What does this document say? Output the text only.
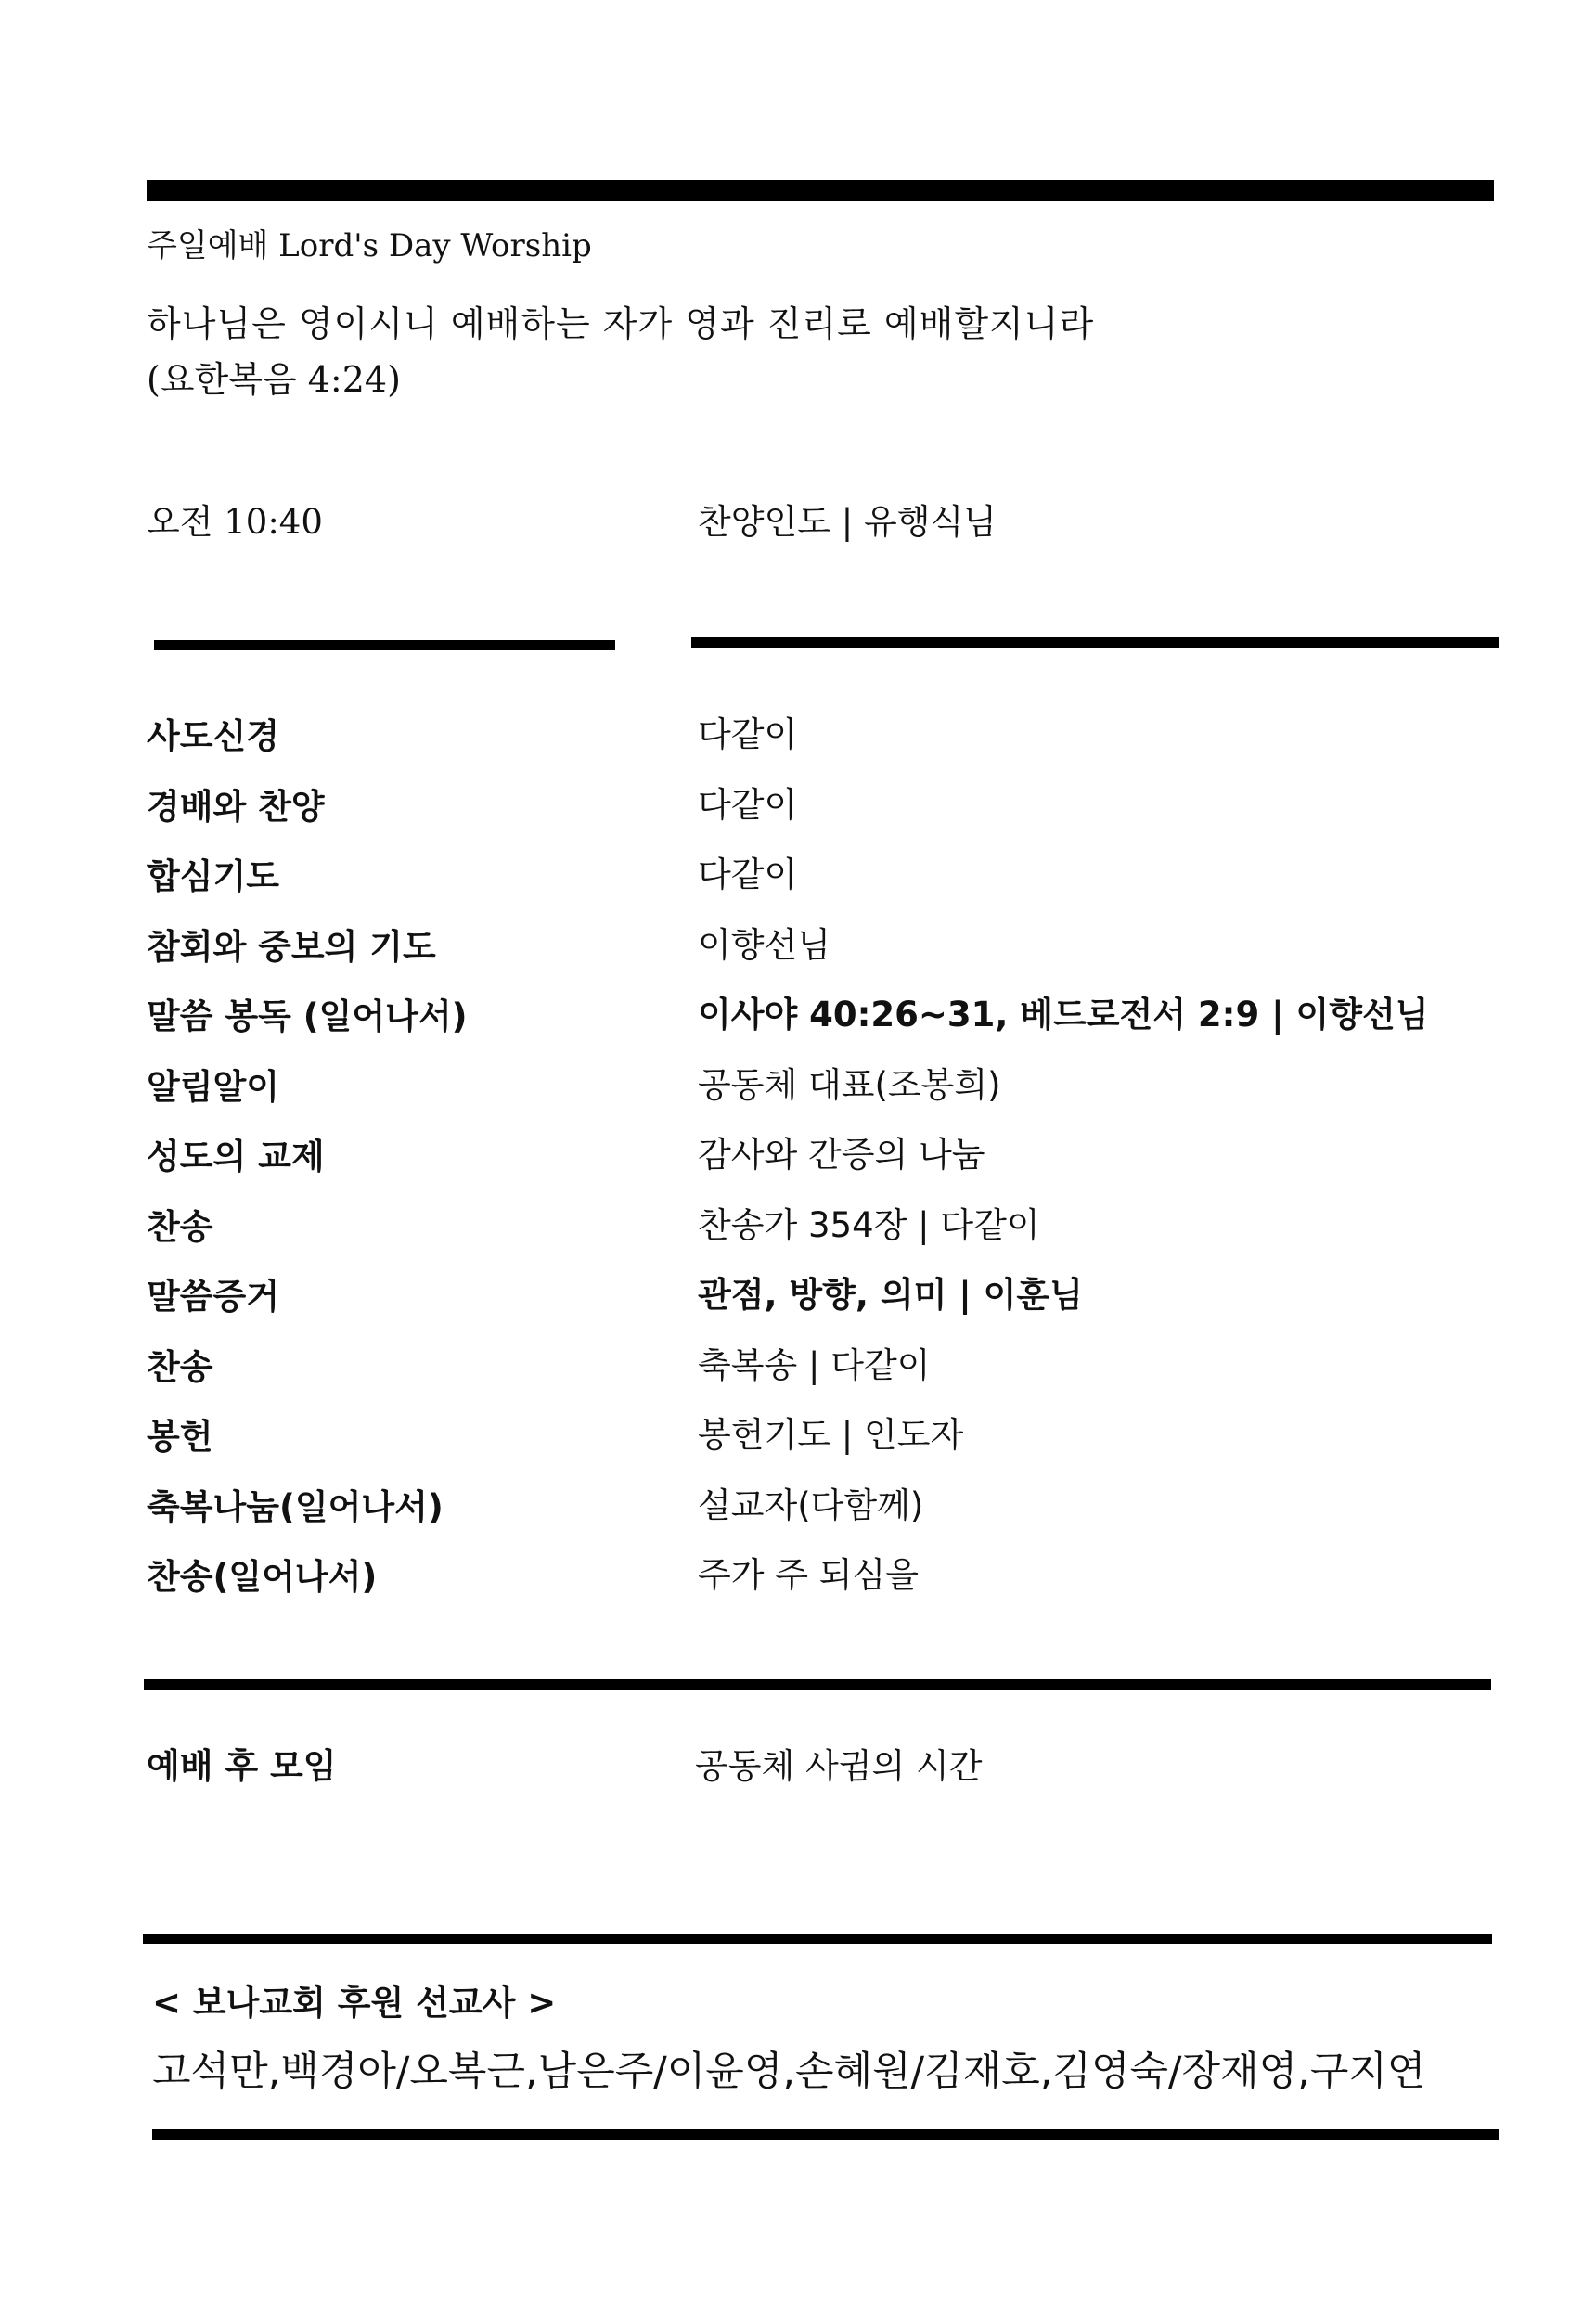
주일예배 Lord's Day Worship
하나님은 영이시니 예배하는 자가 영과 진리로 예배할지니라
(요한복음 4:24)
오전 10:40	찬양인도 | 유행식님
사도신경	다같이
경배와 찬양	다같이
합심기도	다같이
참회와 중보의 기도	이향선님
말씀 봉독 (일어나서)	이사야 40:26~31, 베드로전서 2:9 | 이향선님
알림알이	공동체 대표(조봉희)
성도의 교제	감사와 간증의 나눔
찬송	찬송가 354장 | 다같이
말씀증거	관점, 방향, 의미 | 이훈님
찬송	축복송 | 다같이
봉헌	봉헌기도 | 인도자
축복나눔(일어나서)	설교자(다함께)
찬송(일어나서)	주가 주 되심을
예배 후 모임	공동체 사귐의 시간
< 보나교회 후원 선교사 >
고석만,백경아/오복근,남은주/이윤영,손혜원/김재호,김영숙/장재영,구지연
